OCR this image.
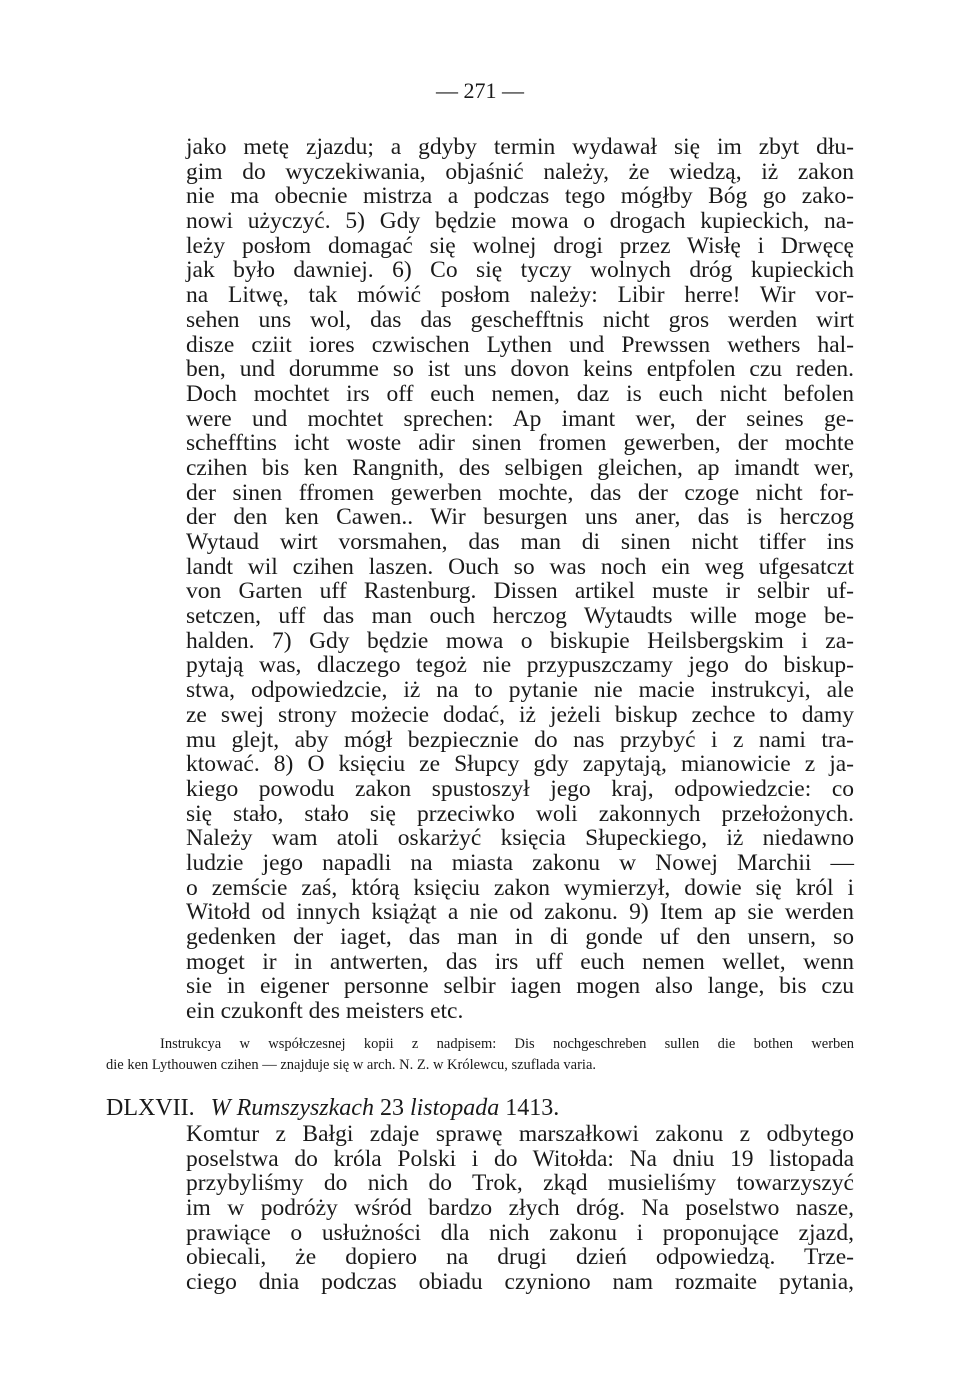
— 271 —
jako metę zjazdu; a gdyby termin wydawał się im zbyt dłu-
gim do wyczekiwania, objaśnić należy, że wiedzą, iż zakon
nie ma obecnie mistrza a podczas tego mógłby Bóg go zako-
nowi użyczyć. 5) Gdy będzie mowa o drogach kupieckich, na-
leży posłom domagać się wolnej drogi przez Wisłę i Drwęcę
jak było dawniej. 6) Co się tyczy wolnych dróg kupieckich
na Litwę, tak mówić posłom należy: Libir herre! Wir vor-
sehen uns wol, das das geschefftnis nicht gros werden wirt
disze cziit iores czwischen Lythen und Prewssen wethers hal-
ben, und dorumme so ist uns dovon keins entpfolen czu reden.
Doch mochtet irs off euch nemen, daz is euch nicht befolen
were und mochtet sprechen: Ap imant wer, der seines ge-
schefftins icht woste adir sinen fromen gewerben, der mochte
czihen bis ken Rangnith, des selbigen gleichen, ap imandt wer,
der sinen ffromen gewerben mochte, das der czoge nicht for-
der den ken Cawen.. Wir besurgen uns aner, das is herczog
Wytaud wirt vorsmahen, das man di sinen nicht tiffer ins
landt wil czihen laszen. Ouch so was noch ein weg ufgesatczt
von Garten uff Rastenburg. Dissen artikel muste ir selbir uf-
setczen, uff das man ouch herczog Wytaudts wille moge be-
halden. 7) Gdy będzie mowa o biskupie Heilsbergskim i za-
pytają was, dlaczego tegoż nie przypuszczamy jego do biskup-
stwa, odpowiedzcie, iż na to pytanie nie macie instrukcyi, ale
ze swej strony możecie dodać, iż jeżeli biskup zechce to damy
mu glejt, aby mógł bezpiecznie do nas przybyć i z nami tra-
ktować. 8) O księciu ze Słupcy gdy zapytają, mianowicie z ja-
kiego powodu zakon spustoszył jego kraj, odpowiedzcie: co
się stało, stało się przeciwko woli zakonnych przełożonych.
Należy wam atoli oskarżyć księcia Słupeckiego, iż niedawno
ludzie jego napadli na miasta zakonu w Nowej Marchii —
o zemście zaś, którą księciu zakon wymierzył, dowie się król i
Witołd od innych książąt a nie od zakonu. 9) Item ap sie werden
gedenken der iaget, das man in di gonde uf den unsern, so
moget ir in antwerten, das irs uff euch nemen wellet, wenn
sie in eigener personne selbir iagen mogen also lange, bis czu
ein czukonft des meisters etc.
Instrukcya w współczesnej kopii z nadpisem: Dis nochgeschreben sullen die bothen werben
die ken Lythouwen czihen — znajduje się w arch. N. Z. w Królewcu, szuflada varia.
DLXVII. W Rumszyszkach 23 listopada 1413.
Komtur z Bałgi zdaje sprawę marszałkowi zakonu z odbytego
poselstwa do króla Polski i do Witołda: Na dniu 19 listopada
przybyliśmy do nich do Trok, zkąd musieliśmy towarzyszyć
im w podróży wśród bardzo złych dróg. Na poselstwo nasze,
prawiące o usłużności dla nich zakonu i proponujące zjazd,
obiecali, że dopiero na drugi dzień odpowiedzą. Trze-
ciego dnia podczas obiadu czyniono nam rozmaite pytania,
